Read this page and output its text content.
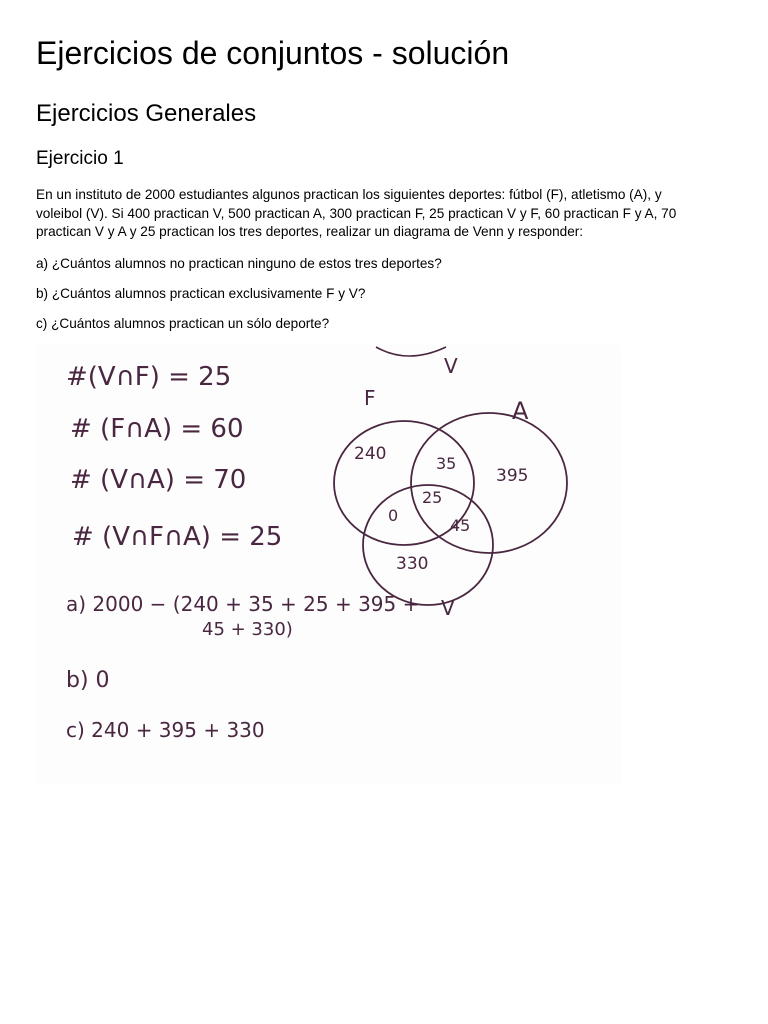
Ejercicios de conjuntos - solución
Ejercicios Generales
Ejercicio 1

En un instituto de 2000 estudiantes algunos practican los siguientes deportes: fútbol (F), atletismo (A), y voleibol (V). Si 400 practican V, 500 practican A, 300 practican F, 25 practican V y F, 60 practican F y A, 70 practican V y A y 25 practican los tres deportes, realizar un diagrama de Venn y responder:

a) ¿Cuántos alumnos no practican ninguno de estos tres deportes?

b) ¿Cuántos alumnos practican exclusivamente F y V?

c) ¿Cuántos alumnos practican un sólo deporte?

#(V∩F) = 25
# (F∩A) = 60
# (V∩A) = 70
# (V∩F∩A) = 25
V
F	A
V
240	35
395
0
25
45
330
a) 2000 − (240 + 35 + 25 + 395 +
45 + 330)
b) 0
c) 240 + 395 + 330
